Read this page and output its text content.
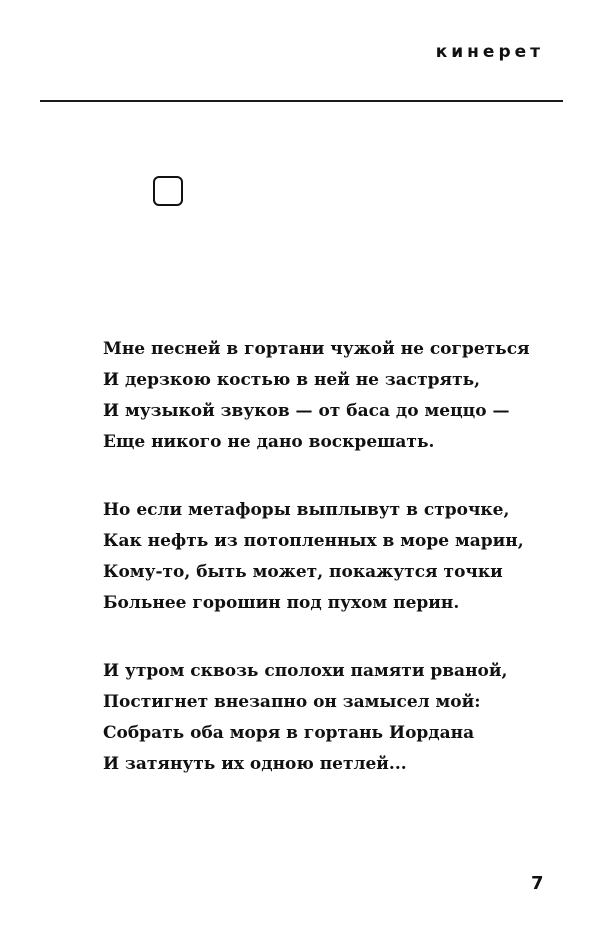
кинерет
Мне песней в гортани чужой не согреться
И дерзкою костью в ней не застрять,
И музыкой звуков — от баса до меццо —
Еще никого не дано воскрешать.
Но если метафоры выплывут в строчке,
Как нефть из потопленных в море марин,
Кому-то, быть может, покажутся точки
Больнее горошин под пухом перин.
И утром сквозь сполохи памяти рваной,
Постигнет внезапно он замысел мой:
Собрать оба моря в гортань Иордана
И затянуть их одною петлей...
7
